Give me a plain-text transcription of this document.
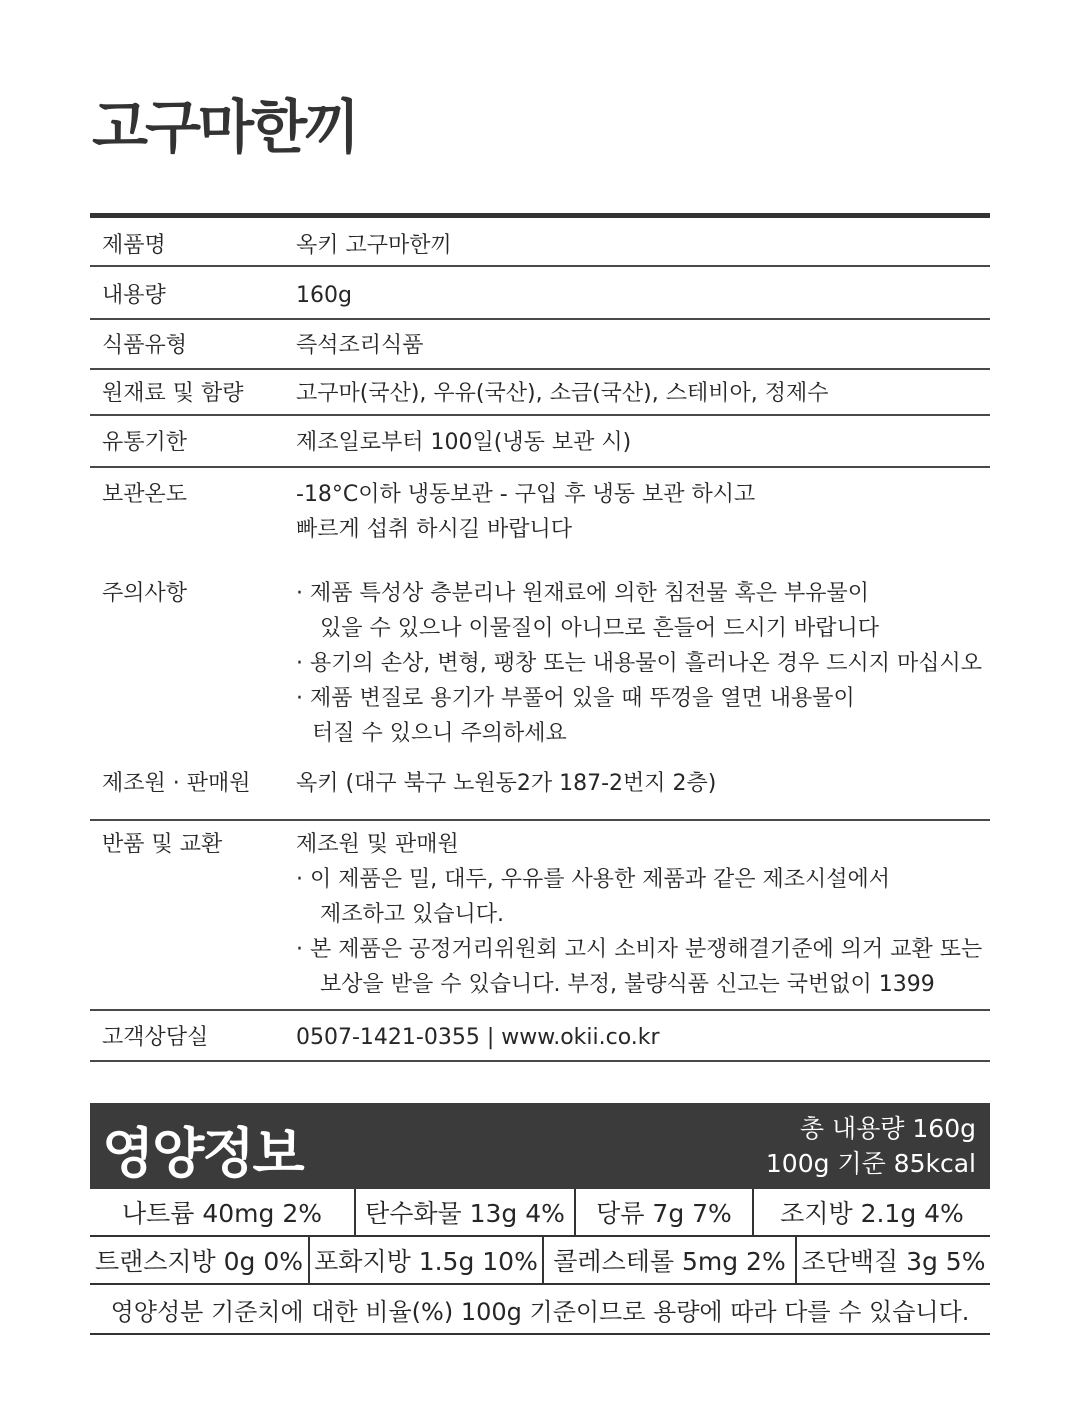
고구마한끼
제품명	옥키 고구마한끼
내용량	160g
식품유형	즉석조리식품
원재료 및 함량	고구마(국산), 우유(국산), 소금(국산), 스테비아, 정제수
유통기한	제조일로부터 100일(냉동 보관 시)
보관온도	-18°C이하 냉동보관 - 구입 후 냉동 보관 하시고
빠르게 섭취 하시길 바랍니다
주의사항	· 제품 특성상 층분리나 원재료에 의한 침전물 혹은 부유물이
있을 수 있으나 이물질이 아니므로 흔들어 드시기 바랍니다
· 용기의 손상, 변형, 팽창 또는 내용물이 흘러나온 경우 드시지 마십시오
· 제품 변질로 용기가 부풀어 있을 때 뚜껑을 열면 내용물이
터질 수 있으니 주의하세요
제조원 · 판매원	옥키 (대구 북구 노원동2가 187-2번지 2층)
반품 및 교환	제조원 및 판매원
· 이 제품은 밀, 대두, 우유를 사용한 제품과 같은 제조시설에서
제조하고 있습니다.
· 본 제품은 공정거리위원회 고시 소비자 분쟁해결기준에 의거 교환 또는
보상을 받을 수 있습니다. 부정, 불량식품 신고는 국번없이 1399
고객상담실	0507-1421-0355 | www.okii.co.kr
영양정보	총 내용량 160g
100g 기준 85kcal
나트륨 40mg 2%	탄수화물 13g 4%	당류 7g 7%	조지방 2.1g 4%
트랜스지방 0g 0% 포화지방 1.5g 10% 콜레스테롤 5mg 2% 조단백질 3g 5%
영양성분 기준치에 대한 비율(%) 100g 기준이므로 용량에 따라 다를 수 있습니다.
